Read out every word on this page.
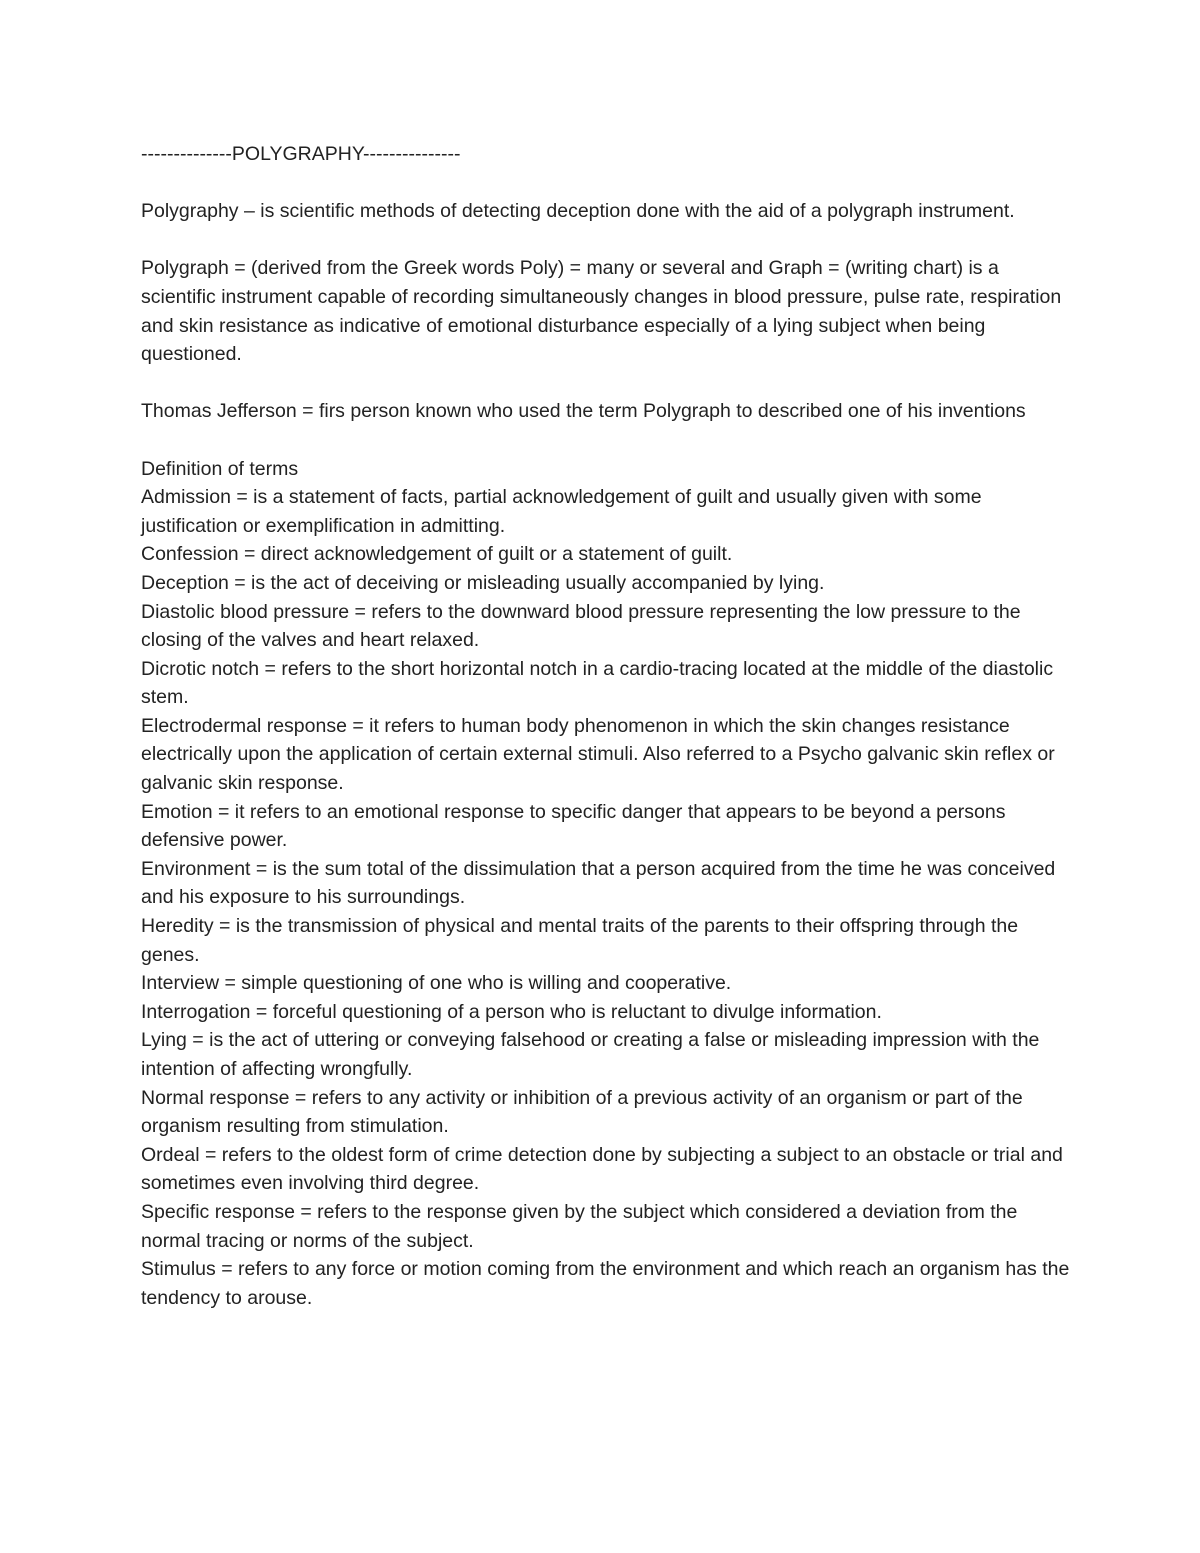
--------------POLYGRAPHY---------------

Polygraphy – is scientific methods of detecting deception done with the aid of a polygraph instrument.

Polygraph = (derived from the Greek words Poly) = many or several and Graph = (writing chart) is a scientific instrument capable of recording simultaneously changes in blood pressure, pulse rate, respiration and skin resistance as indicative of emotional disturbance especially of a lying subject when being questioned.

Thomas Jefferson = firs person known who used the term Polygraph to described one of his inventions

Definition of terms

Admission = is a statement of facts, partial acknowledgement of guilt and usually given with some justification or exemplification in admitting.

Confession = direct acknowledgement of guilt or a statement of guilt.

Deception = is the act of deceiving or misleading usually accompanied by lying.

Diastolic blood pressure = refers to the downward blood pressure representing the low pressure to the closing of the valves and heart relaxed.

Dicrotic notch = refers to the short horizontal notch in a cardio-tracing located at the middle of the diastolic stem.

Electrodermal response = it refers to human body phenomenon in which the skin changes resistance electrically upon the application of certain external stimuli. Also referred to a Psycho galvanic skin reflex or galvanic skin response.

Emotion = it refers to an emotional response to specific danger that appears to be beyond a persons defensive power.

Environment = is the sum total of the dissimulation that a person acquired from the time he was conceived and his exposure to his surroundings.

Heredity = is the transmission of physical and mental traits of the parents to their offspring through the genes.

Interview = simple questioning of one who is willing and cooperative.

Interrogation = forceful questioning of a person who is reluctant to divulge information.

Lying = is the act of uttering or conveying falsehood or creating a false or misleading impression with the intention of affecting wrongfully.

Normal response = refers to any activity or inhibition of a previous activity of an organism or part of the organism resulting from stimulation.

Ordeal = refers to the oldest form of crime detection done by subjecting a subject to an obstacle or trial and sometimes even involving third degree.

Specific response = refers to the response given by the subject which considered a deviation from the normal tracing or norms of the subject.

Stimulus = refers to any force or motion coming from the environment and which reach an organism has the tendency to arouse.
